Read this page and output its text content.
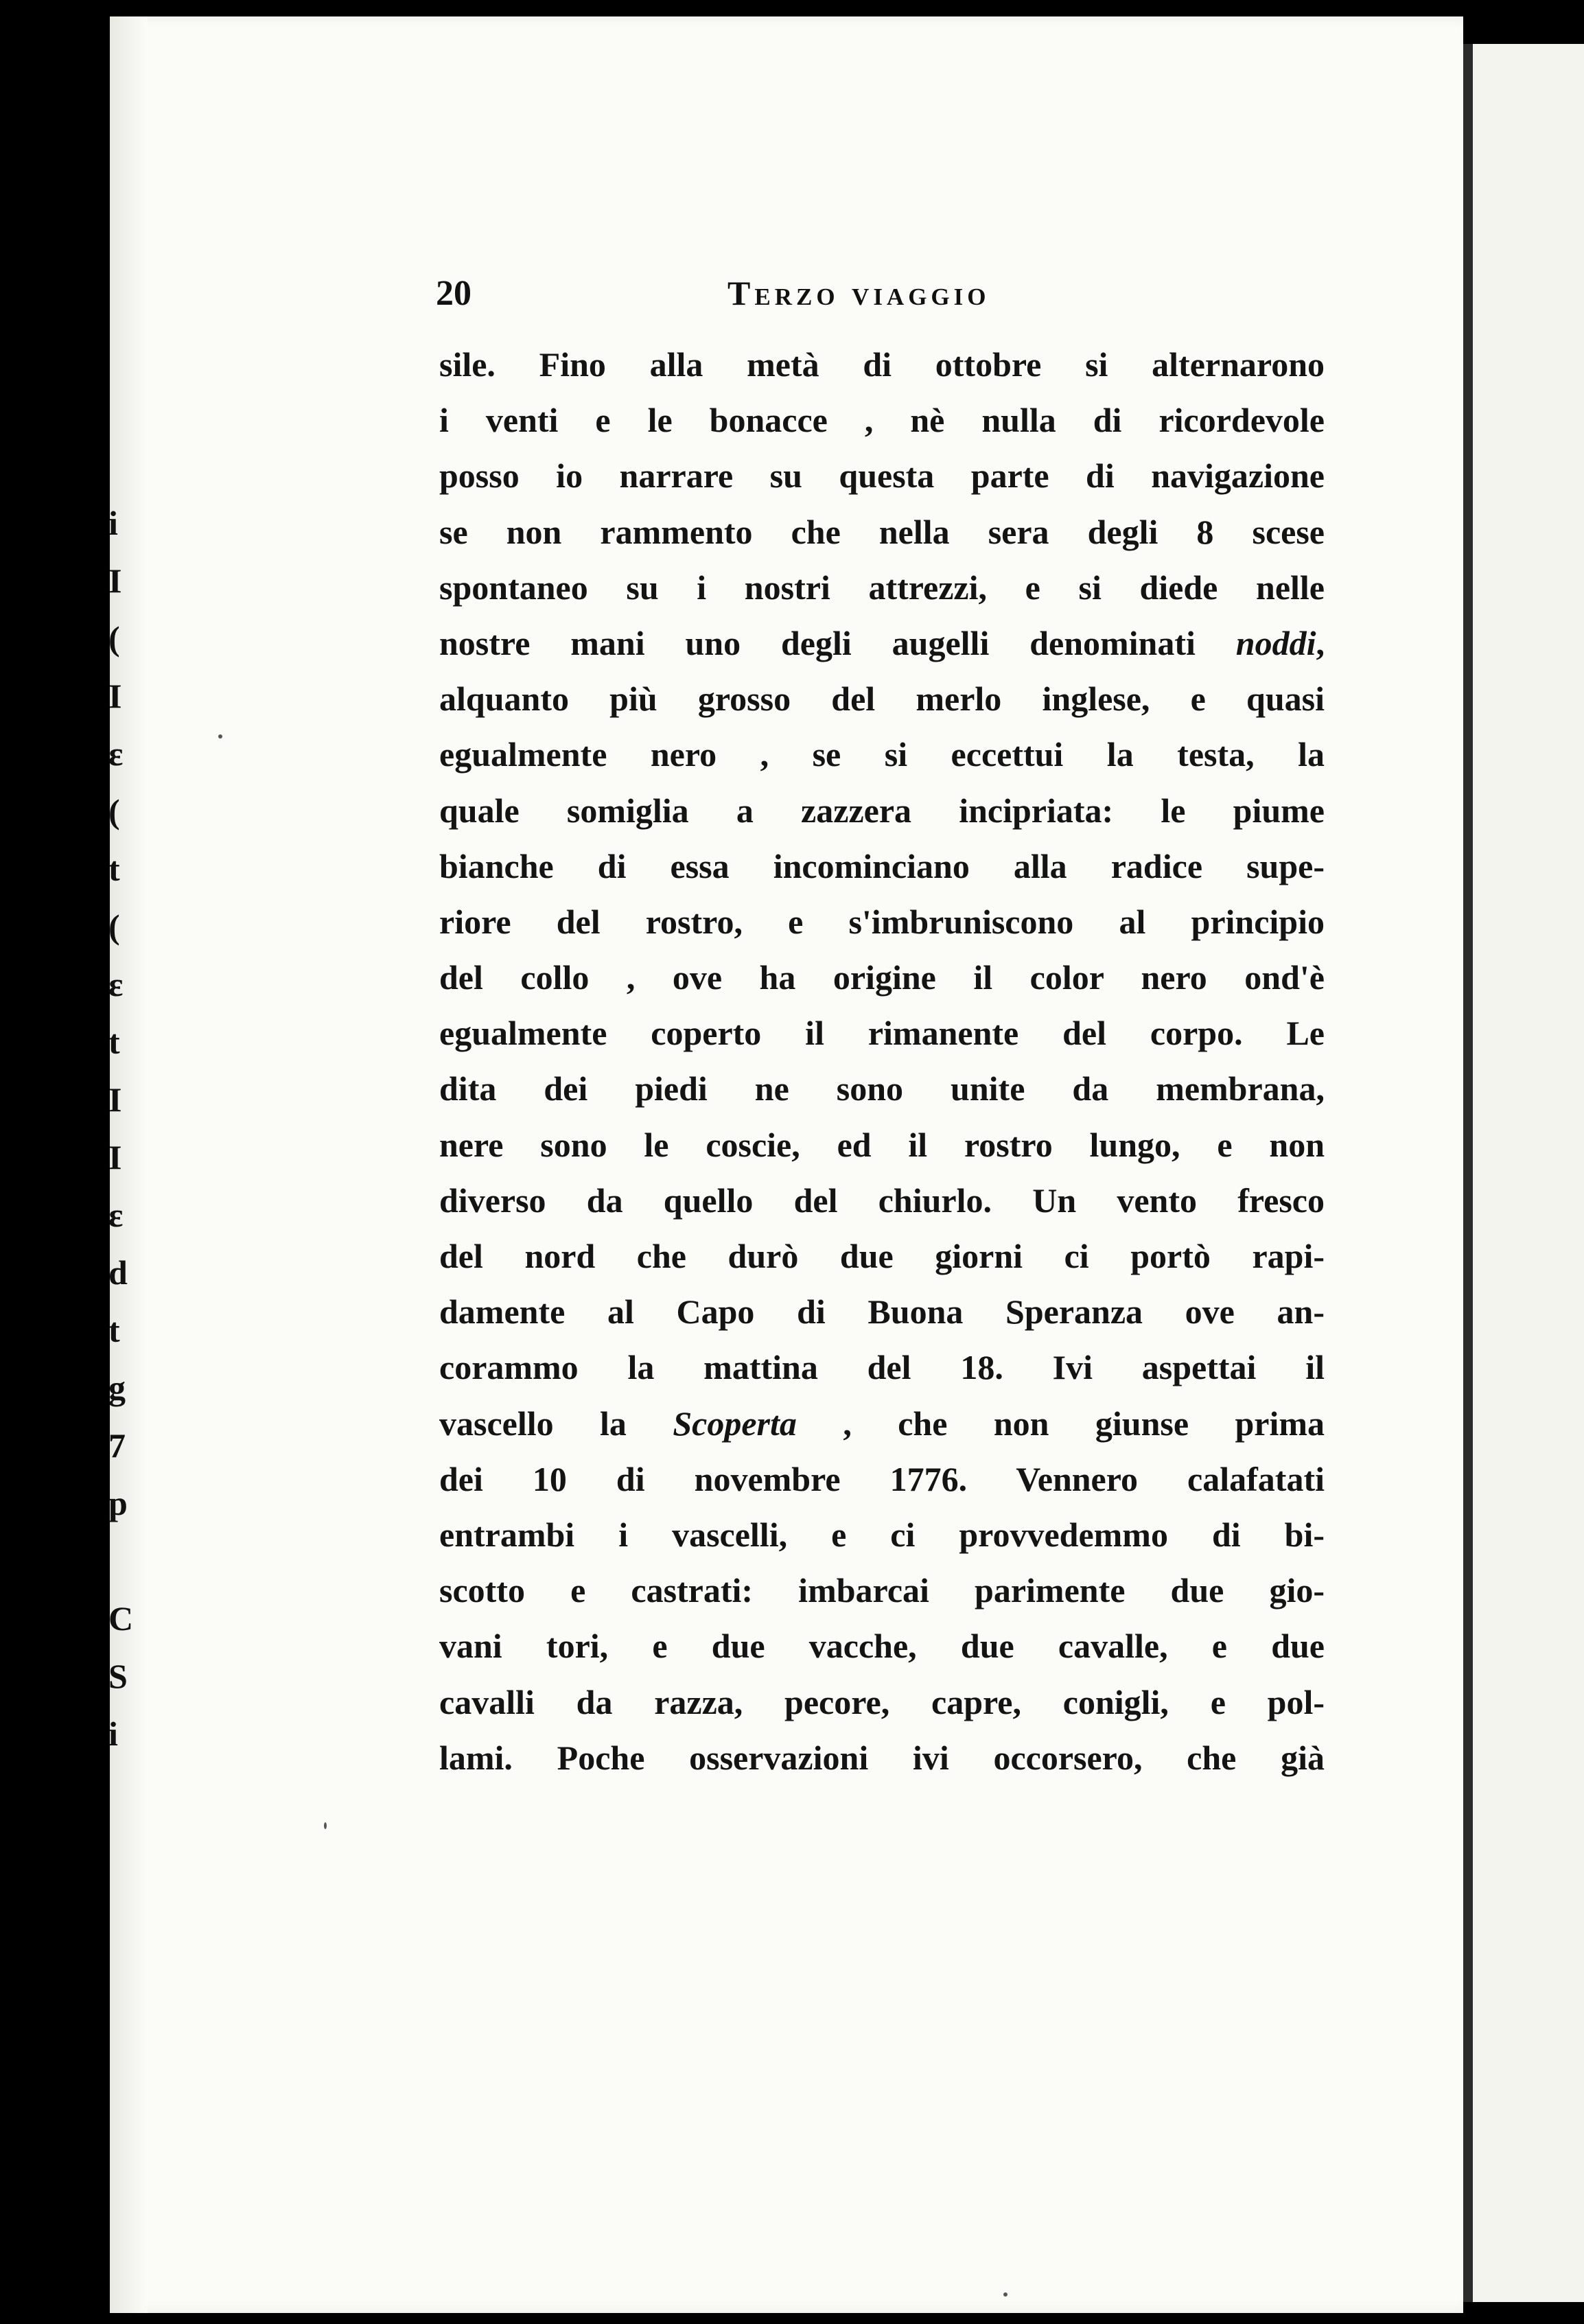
i
I
(
I
ε
(
t
(
ε
t
I
I
ε
d
t
g
7
p

C
S
i
20	Terzo viaggio
sile. Fino alla metà di ottobre si alternarono
i venti e le bonacce , nè nulla di ricordevole
posso io narrare su questa parte di navigazione
se non rammento che nella sera degli 8 scese
spontaneo su i nostri attrezzi, e si diede nelle
nostre mani uno degli augelli denominati noddi,
alquanto più grosso del merlo inglese, e quasi
egualmente nero , se si eccettui la testa, la
quale somiglia a zazzera incipriata: le piume
bianche di essa incominciano alla radice supe-
riore del rostro, e s'imbruniscono al principio
del collo , ove ha origine il color nero ond'è
egualmente coperto il rimanente del corpo. Le
dita dei piedi ne sono unite da membrana,
nere sono le coscie, ed il rostro lungo, e non
diverso da quello del chiurlo. Un vento fresco
del nord che durò due giorni ci portò rapi-
damente al Capo di Buona Speranza ove an-
corammo la mattina del 18. Ivi aspettai il
vascello la Scoperta , che non giunse prima
dei 10 di novembre 1776. Vennero calafatati
entrambi i vascelli, e ci provvedemmo di bi-
scotto e castrati: imbarcai parimente due gio-
vani tori, e due vacche, due cavalle, e due
cavalli da razza, pecore, capre, conigli, e pol-
lami. Poche osservazioni ivi occorsero, che già
